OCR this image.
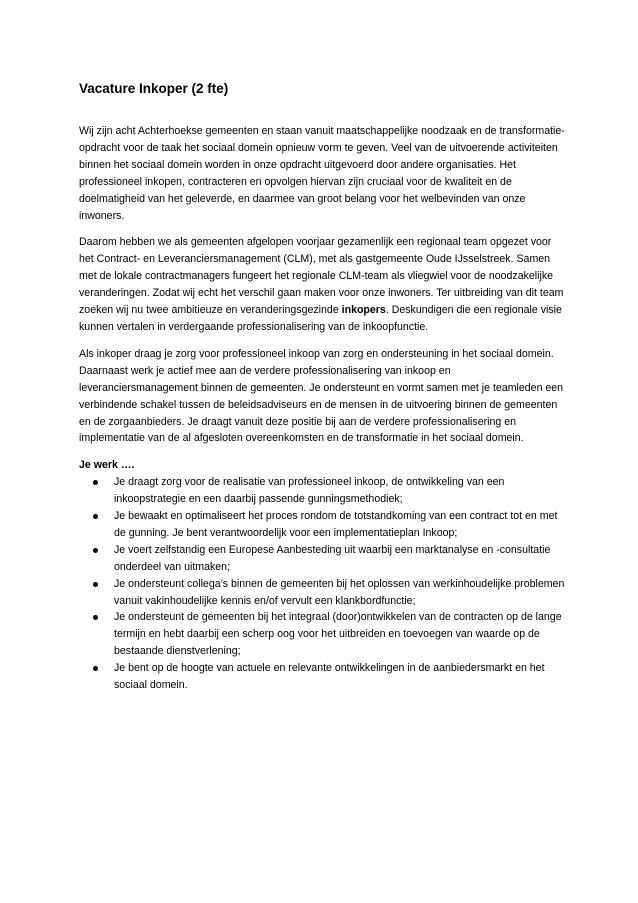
Vacature Inkoper (2 fte)

Wij zijn acht Achterhoekse gemeenten en staan vanuit maatschappelijke noodzaak en de transformatie-opdracht voor de taak het sociaal domein opnieuw vorm te geven. Veel van de uitvoerende activiteiten binnen het sociaal domein worden in onze opdracht uitgevoerd door andere organisaties. Het professioneel inkopen, contracteren en opvolgen hiervan zijn cruciaal voor de kwaliteit en de doelmatigheid van het geleverde, en daarmee van groot belang voor het welbevinden van onze inwoners.

Daarom hebben we als gemeenten afgelopen voorjaar gezamenlijk een regionaal team opgezet voor het Contract- en Leveranciersmanagement (CLM), met als gastgemeente Oude IJsselstreek. Samen met de lokale contractmanagers fungeert het regionale CLM-team als vliegwiel voor de noodzakelijke veranderingen. Zodat wij echt het verschil gaan maken voor onze inwoners. Ter uitbreiding van dit team zoeken wij nu twee ambitieuze en veranderingsgezinde inkopers. Deskundigen die een regionale visie kunnen vertalen in verdergaande professionalisering van de inkoopfunctie.

Als inkoper draag je zorg voor professioneel inkoop van zorg en ondersteuning in het sociaal domein. Daarnaast werk je actief mee aan de verdere professionalisering van inkoop en leveranciersmanagement binnen de gemeenten. Je ondersteunt en vormt samen met je teamleden een verbindende schakel tussen de beleidsadviseurs en de mensen in de uitvoering binnen de gemeenten en de zorgaanbieders. Je draagt vanuit deze positie bij aan de verdere professionalisering en implementatie van de al afgesloten overeenkomsten en de transformatie in het sociaal domein.

Je werk ….
Je draagt zorg voor de realisatie van professioneel inkoop, de ontwikkeling van een inkoopstrategie en een daarbij passende gunningsmethodiek;
Je bewaakt en optimaliseert het proces rondom de totstandkoming van een contract tot en met de gunning. Je bent verantwoordelijk voor een implementatieplan Inkoop;
Je voert zelfstandig een Europese Aanbesteding uit waarbij een marktanalyse en -consultatie onderdeel van uitmaken;
Je ondersteunt collega’s binnen de gemeenten bij het oplossen van werkinhoudelijke problemen vanuit vakinhoudelijke kennis en/of vervult een klankbordfunctie;
Je ondersteunt de gemeenten bij het integraal (door)ontwikkelen van de contracten op de lange termijn en hebt daarbij een scherp oog voor het uitbreiden en toevoegen van waarde op de bestaande dienstverlening;
Je bent op de hoogte van actuele en relevante ontwikkelingen in de aanbiedersmarkt en het sociaal domein.
